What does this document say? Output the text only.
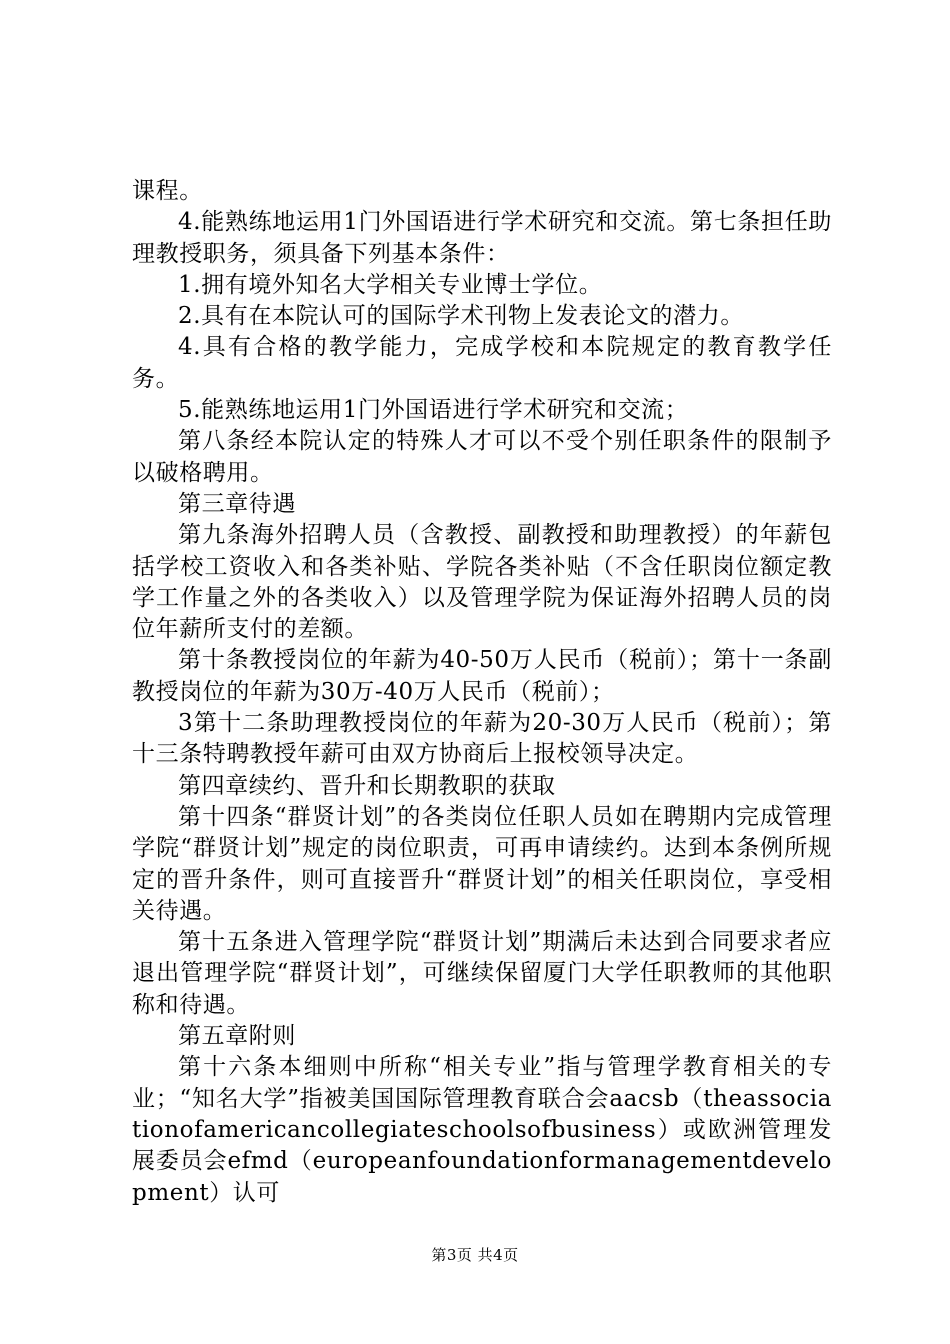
课程。

4.能熟练地运用1门外国语进行学术研究和交流。第七条担任助理教授职务，须具备下列基本条件：

1.拥有境外知名大学相关专业博士学位。

2.具有在本院认可的国际学术刊物上发表论文的潜力。

4.具有合格的教学能力，完成学校和本院规定的教育教学任务。

5.能熟练地运用1门外国语进行学术研究和交流；

第八条经本院认定的特殊人才可以不受个别任职条件的限制予以破格聘用。

第三章待遇

第九条海外招聘人员（含教授、副教授和助理教授）的年薪包括学校工资收入和各类补贴、学院各类补贴（不含任职岗位额定教学工作量之外的各类收入）以及管理学院为保证海外招聘人员的岗位年薪所支付的差额。

第十条教授岗位的年薪为40-50万人民币（税前）；第十一条副教授岗位的年薪为30万-40万人民币（税前）；

3第十二条助理教授岗位的年薪为20-30万人民币（税前）；第十三条特聘教授年薪可由双方协商后上报校领导决定。

第四章续约、晋升和长期教职的获取

第十四条“群贤计划”的各类岗位任职人员如在聘期内完成管理学院“群贤计划”规定的岗位职责，可再申请续约。达到本条例所规定的晋升条件，则可直接晋升“群贤计划”的相关任职岗位，享受相关待遇。

第十五条进入管理学院“群贤计划”期满后未达到合同要求者应退出管理学院“群贤计划”，可继续保留厦门大学任职教师的其他职称和待遇。

第五章附则

第十六条本细则中所称“相关专业”指与管理学教育相关的专业；“知名大学”指被美国国际管理教育联合会aacsb（theassociationofamericancollegiateschoolsofbusiness）或欧洲管理发展委员会efmd（europeanfoundationformanagementdevelopment）认可

第3页 共4页
